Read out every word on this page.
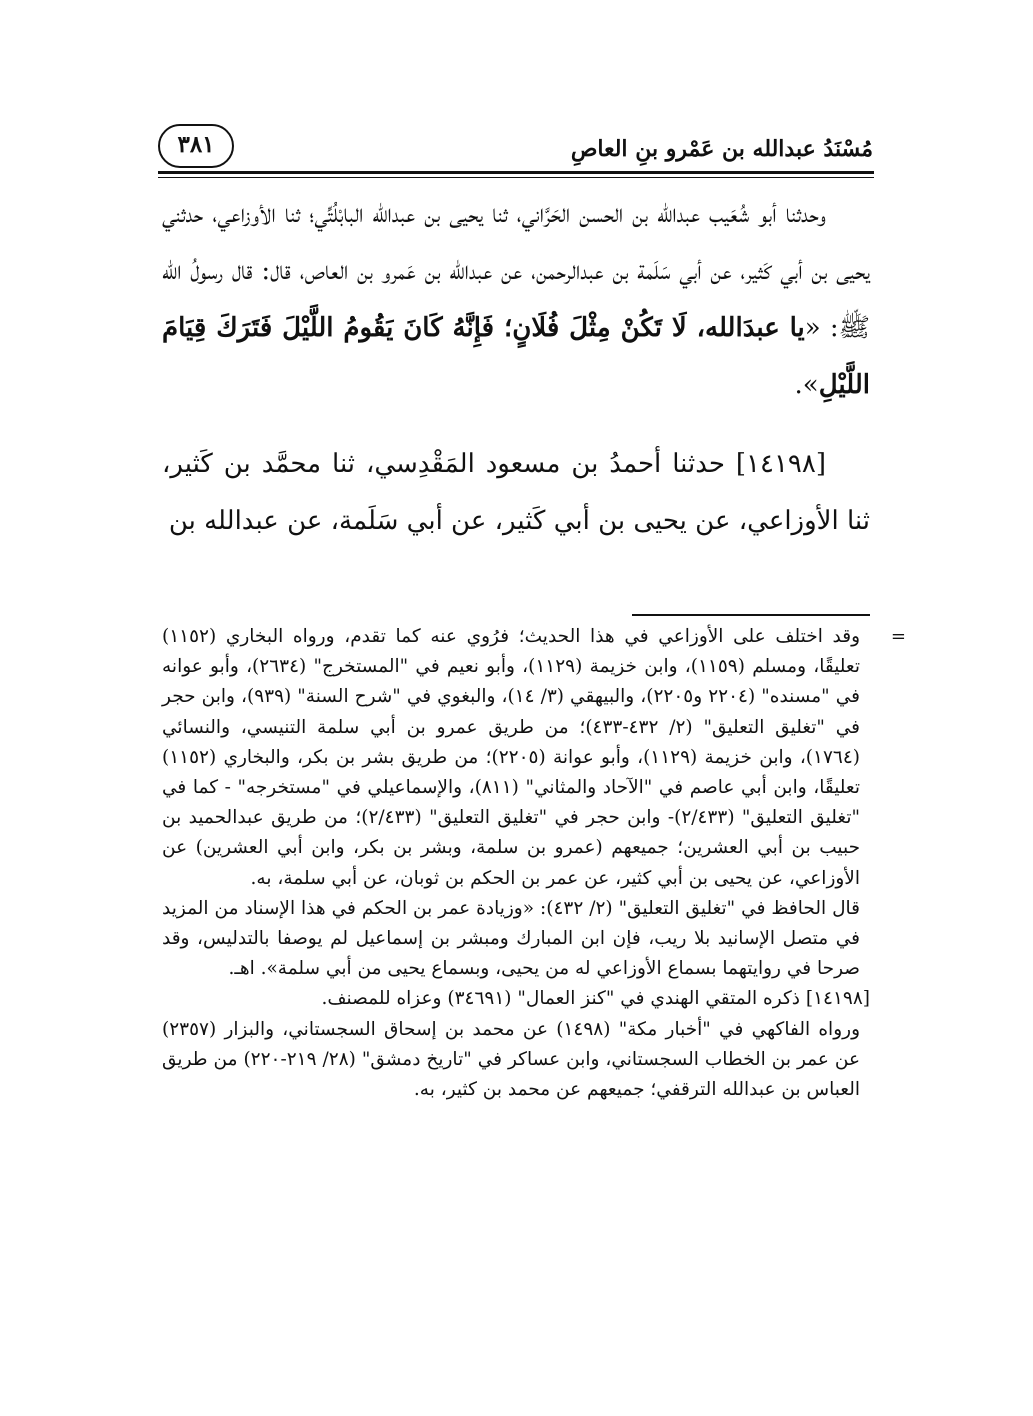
مُسْنَدُ عبدالله بن عَمْرو بنِ العاصِ
٣٨١

وحدثنا أبو شُعَيب عبدالله بن الحسن الحَرَّاني، ثنا يحيى بن عبدالله البابْلُتِّي؛ ثنا الأوزاعي، حدثني يحيى بن أبي كَثير، عن أبي سَلَمة بن عبدالرحمن، عن عبدالله بن عَمرو بن العاص، قال: قال رسولُ الله ﷺ: «يا عبدَالله، لَا تَكُنْ مِثْلَ فُلَانٍ؛ فَإِنَّهُ كَانَ يَقُومُ اللَّيْلَ فَتَرَكَ قِيَامَ اللَّيْلِ».

[١٤١٩٨] حدثنا أحمدُ بن مسعود المَقْدِسي، ثنا محمَّد بن كَثير، ثنا الأوزاعي، عن يحيى بن أبي كَثير، عن أبي سَلَمة، عن عبدالله بن

=
وقد اختلف على الأوزاعي في هذا الحديث؛ فرُوي عنه كما تقدم، ورواه البخاري (١١٥٢) تعليقًا، ومسلم (١١٥٩)، وابن خزيمة (١١٢٩)، وأبو نعيم في "المستخرج" (٢٦٣٤)، وأبو عوانه في "مسنده" (٢٢٠٤ و٢٢٠٥)، والبيهقي (٣/ ١٤)، والبغوي في "شرح السنة" (٩٣٩)، وابن حجر في "تغليق التعليق" (٢/ ٤٣٢-٤٣٣)؛ من طريق عمرو بن أبي سلمة التنيسي، والنسائي (١٧٦٤)، وابن خزيمة (١١٢٩)، وأبو عوانة (٢٢٠٥)؛ من طريق بشر بن بكر، والبخاري (١١٥٢) تعليقًا، وابن أبي عاصم في "الآحاد والمثاني" (٨١١)، والإسماعيلي في "مستخرجه" - كما في "تغليق التعليق" (٢/٤٣٣)- وابن حجر في "تغليق التعليق" (٢/٤٣٣)؛ من طريق عبدالحميد بن حبيب بن أبي العشرين؛ جميعهم (عمرو بن سلمة، وبشر بن بكر، وابن أبي العشرين) عن الأوزاعي، عن يحيى بن أبي كثير، عن عمر بن الحكم بن ثوبان، عن أبي سلمة، به.

قال الحافظ في "تغليق التعليق" (٢/ ٤٣٢): «وزيادة عمر بن الحكم في هذا الإسناد من المزيد في متصل الإسانيد بلا ريب، فإن ابن المبارك ومبشر بن إسماعيل لم يوصفا بالتدليس، وقد صرحا في روايتهما بسماع الأوزاعي له من يحيى، وبسماع يحيى من أبي سلمة». اهـ.

[١٤١٩٨] ذكره المتقي الهندي في "كنز العمال" (٣٤٦٩١) وعزاه للمصنف.

ورواه الفاكهي في "أخبار مكة" (١٤٩٨) عن محمد بن إسحاق السجستاني، والبزار (٢٣٥٧) عن عمر بن الخطاب السجستاني، وابن عساكر في "تاريخ دمشق" (٢٨/ ٢١٩-٢٢٠) من طريق العباس بن عبدالله الترقفي؛ جميعهم عن محمد بن كثير، به.
